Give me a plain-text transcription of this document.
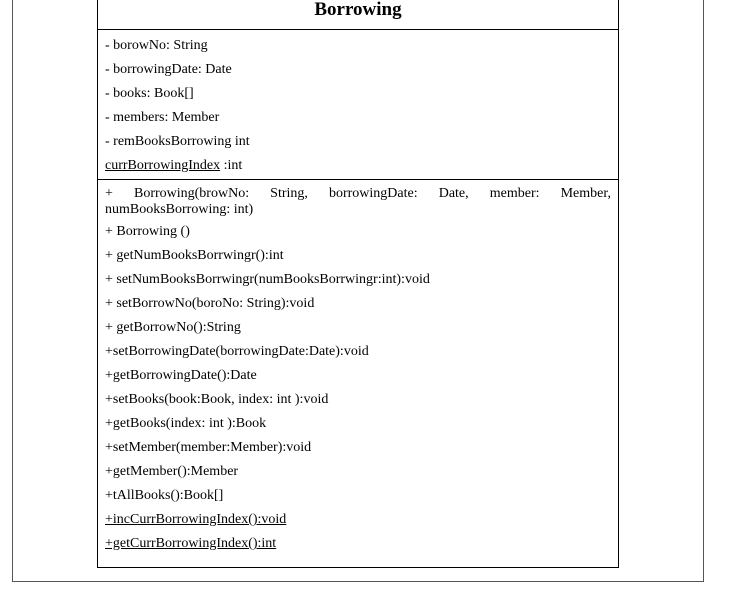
Borrowing
- borowNo: String
- borrowingDate: Date
- books: Book[]
- members: Member
- remBooksBorrowing int
currBorrowingIndex :int
+ Borrowing(browNo: String, borrowingDate: Date, member: Member,
numBooksBorrowing: int)
+ Borrowing ()
+ getNumBooksBorrwingr():int
+ setNumBooksBorrwingr(numBooksBorrwingr:int):void
+ setBorrowNo(boroNo: String):void
+ getBorrowNo():String
+setBorrowingDate(borrowingDate:Date):void
+getBorrowingDate():Date
+setBooks(book:Book, index: int ):void
+getBooks(index: int ):Book
+setMember(member:Member):void
+getMember():Member
+tAllBooks():Book[]
+incCurrBorrowingIndex():void
+getCurrBorrowingIndex():int
